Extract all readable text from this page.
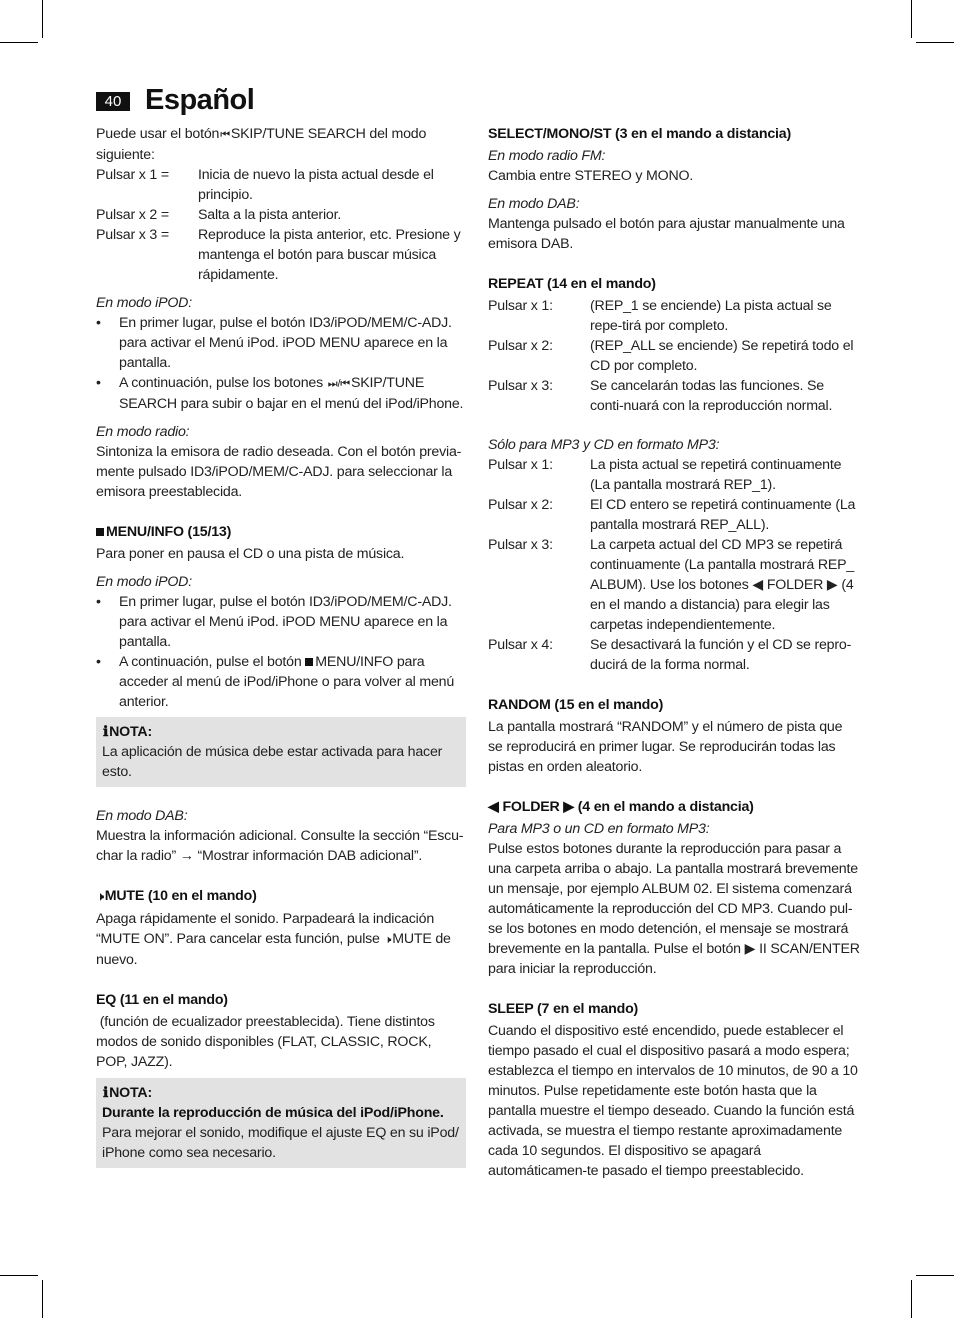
40 Español

Puede usar el botón⏮SKIP/TUNE SEARCH del modo siguiente:

Pulsar x 1 =	Inicia de nuevo la pista actual desde el principio.
Pulsar x 2 =	Salta a la pista anterior.
Pulsar x 3 =	Reproduce la pista anterior, etc. Presione y mantenga el botón para buscar música rápidamente.

En modo iPOD:

•	En primer lugar, pulse el botón ID3/iPOD/MEM/C-ADJ. para activar el Menú iPod. iPOD MENU aparece en la pantalla.
•	A continuación, pulse los botones ⏭/⏮SKIP/TUNE SEARCH para subir o bajar en el menú del iPod/iPhone.

En modo radio:

Sintoniza la emisora de radio deseada. Con el botón previa-mente pulsado ID3/iPOD/MEM/C-ADJ. para seleccionar la emisora preestablecida.

MENU/INFO (15/13)

Para poner en pausa el CD o una pista de música.

En modo iPOD:

•	En primer lugar, pulse el botón ID3/iPOD/MEM/C-ADJ. para activar el Menú iPod. iPOD MENU aparece en la pantalla.
•	A continuación, pulse el botón MENU/INFO para acceder al menú de iPod/iPhone o para volver al menú anterior.

ℹNOTA:

La aplicación de música debe estar activada para hacer esto.

En modo DAB:

Muestra la información adicional. Consulte la sección “Escu-char la radio” → “Mostrar información DAB adicional”.

🕨MUTE (10 en el mando)

Apaga rápidamente el sonido. Parpadeará la indicación “MUTE ON”. Para cancelar esta función, pulse 🕨MUTE de nuevo.

EQ (11 en el mando)

(función de ecualizador preestablecida). Tiene distintos modos de sonido disponibles (FLAT, CLASSIC, ROCK, POP, JAZZ).

ℹNOTA:

Durante la reproducción de música del iPod/iPhone.

Para mejorar el sonido, modifique el ajuste EQ en su iPod/ iPhone como sea necesario.

SELECT/MONO/ST (3 en el mando a distancia)

En modo radio FM:

Cambia entre STEREO y MONO.

En modo DAB:

Mantenga pulsado el botón para ajustar manualmente una emisora DAB.

REPEAT (14 en el mando)

Pulsar x 1:	(REP_1 se enciende) La pista actual se repe-tirá por completo.
Pulsar x 2:	(REP_ALL se enciende) Se repetirá todo el CD por completo.
Pulsar x 3:	Se cancelarán todas las funciones. Se conti-nuará con la reproducción normal.

Sólo para MP3 y CD en formato MP3:

Pulsar x 1:	La pista actual se repetirá continuamente (La pantalla mostrará REP_1).
Pulsar x 2:	El CD entero se repetirá continuamente (La pantalla mostrará REP_ALL).
Pulsar x 3:	La carpeta actual del CD MP3 se repetirá continuamente (La pantalla mostrará REP_ ALBUM). Use los botones ◀ FOLDER ▶ (4 en el mando a distancia) para elegir las carpetas independientemente.
Pulsar x 4:	Se desactivará la función y el CD se repro-ducirá de la forma normal.

RANDOM (15 en el mando)

La pantalla mostrará “RANDOM” y el número de pista que se reproducirá en primer lugar. Se reproducirán todas las pistas en orden aleatorio.

◀ FOLDER ▶ (4 en el mando a distancia)

Para MP3 o un CD en formato MP3:

Pulse estos botones durante la reproducción para pasar a una carpeta arriba o abajo. La pantalla mostrará brevemente un mensaje, por ejemplo ALBUM 02. El sistema comenzará automáticamente la reproducción del CD MP3. Cuando pul-se los botones en modo detención, el mensaje se mostrará brevemente en la pantalla. Pulse el botón ▶ II SCAN/ENTER para iniciar la reproducción.

SLEEP (7 en el mando)

Cuando el dispositivo esté encendido, puede establecer el tiempo pasado el cual el dispositivo pasará a modo espera; establezca el tiempo en intervalos de 10 minutos, de 90 a 10 minutos. Pulse repetidamente este botón hasta que la pantalla muestre el tiempo deseado. Cuando la función está activada, se muestra el tiempo restante aproximadamente cada 10 segundos. El dispositivo se apagará automáticamen-te pasado el tiempo preestablecido.
